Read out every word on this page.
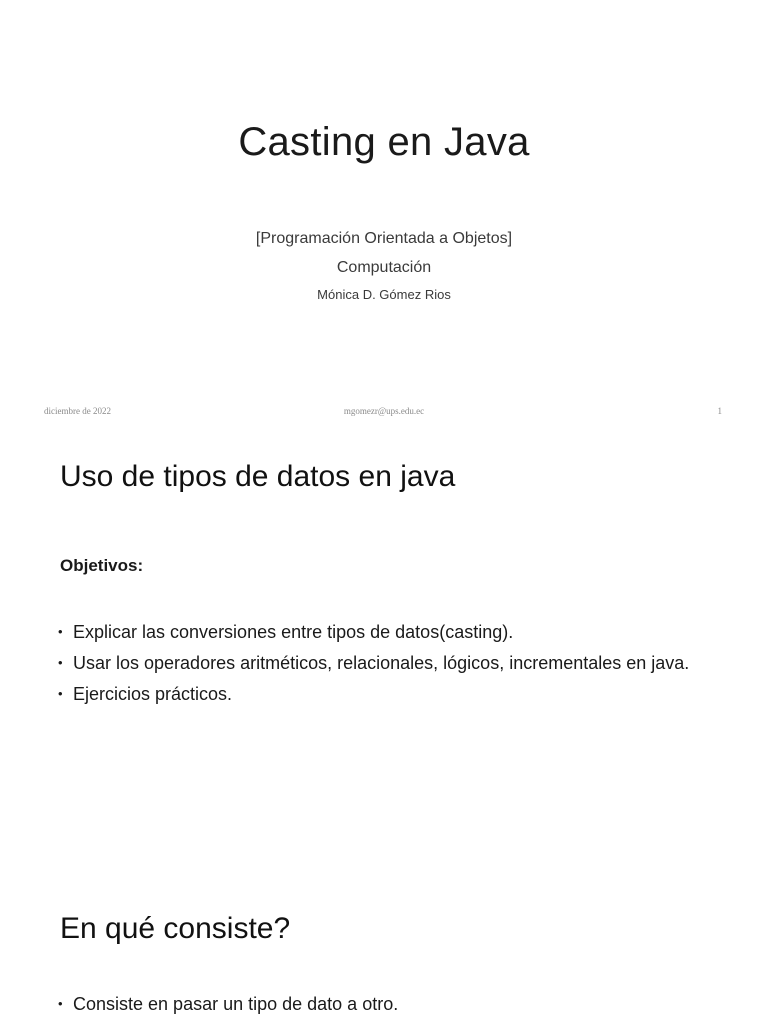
Casting en Java

[Programación Orientada a Objetos]

Computación

Mónica D. Gómez Rios

diciembre de 2022	mgomezr@ups.edu.ec	1
Uso de tipos de datos en java

Objetivos:

• Explicar las conversiones entre tipos de datos(casting).
• Usar los operadores aritméticos, relacionales, lógicos, incrementales en java.
• Ejercicios prácticos.
En qué consiste?
• Consiste en pasar un tipo de dato a otro.
